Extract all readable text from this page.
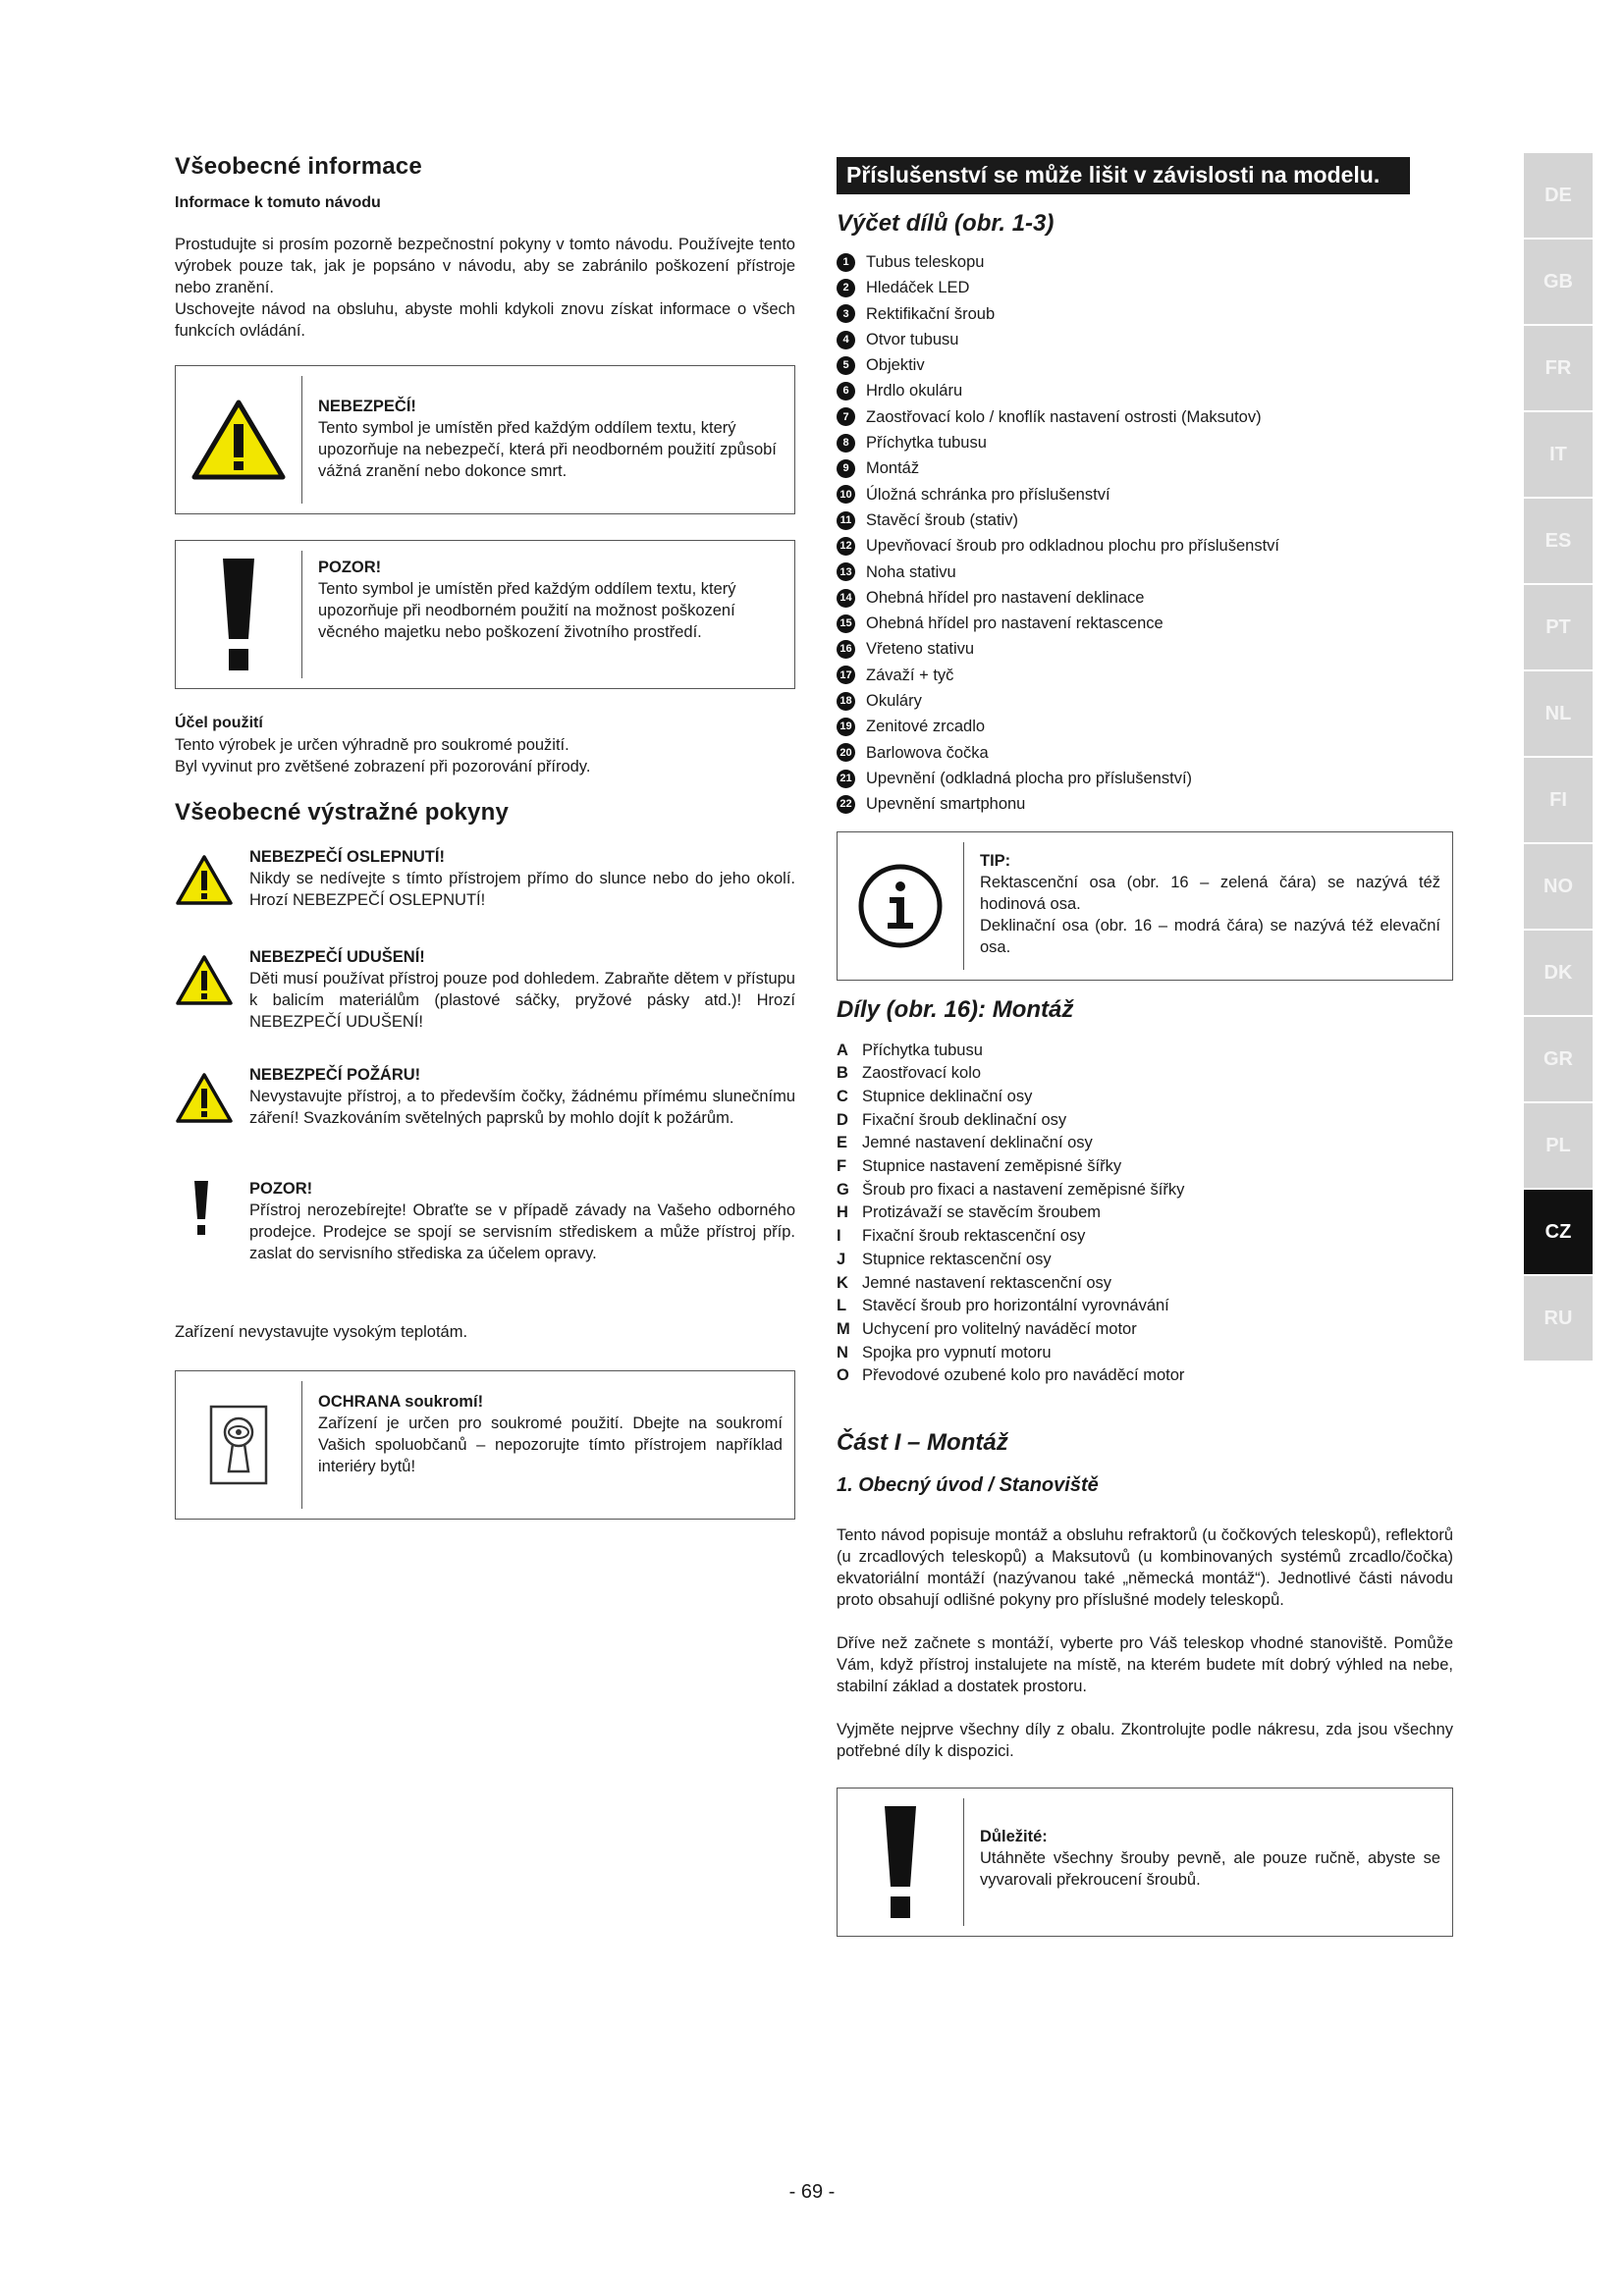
Všeobecné informace
Informace k tomuto návodu

Prostudujte si prosím pozorně bezpečnostní pokyny v tomto návodu. Používejte tento výrobek pouze tak, jak je popsáno v návodu, aby se zabránilo poškození přístroje nebo zranění.

Uschovejte návod na obsluhu, abyste mohli kdykoli znovu získat informace o všech funkcích ovládání.

NEBEZPEČÍ!
Tento symbol je umístěn před každým oddílem textu, který upozorňuje na nebezpečí, která při neodborném použití způsobí vážná zranění nebo dokonce smrt.
POZOR!
Tento symbol je umístěn před každým oddílem textu, který upozorňuje při neodborném použití na možnost poškození věcného majetku nebo poškození životního prostředí.
Účel použití

Tento výrobek je určen výhradně pro soukromé použití.

Byl vyvinut pro zvětšené zobrazení při pozorování přírody.

Všeobecné výstražné pokyny
NEBEZPEČÍ OSLEPNUTÍ!
Nikdy se nedívejte s tímto přístrojem přímo do slunce nebo do jeho okolí. Hrozí NEBEZPEČÍ OSLEPNUTÍ!
NEBEZPEČÍ UDUŠENÍ!
Děti musí používat přístroj pouze pod dohledem. Zabraňte dětem v přístupu k balicím materiálům (plastové sáčky, pryžové pásky atd.)! Hrozí NEBEZPEČÍ UDUŠENÍ!
NEBEZPEČÍ POŽÁRU!
Nevystavujte přístroj, a to především čočky, žádnému přímému slunečnímu záření! Svazkováním světelných paprsků by mohlo dojít k požárům.
POZOR!
Přístroj nerozebírejte! Obraťte se v případě závady na Vašeho odborného prodejce. Prodejce se spojí se servisním střediskem a může přístroj příp. zaslat do servisního střediska za účelem opravy.

Zařízení nevystavujte vysokým teplotám.

OCHRANA soukromí!
Zařízení je určen pro soukromé použití. Dbejte na soukromí Vašich spoluobčanů – nepozorujte tímto přístrojem například interiéry bytů!
Příslušenství se může lišit v závislosti na modelu.
Výčet dílů (obr. 1-3)
1	Tubus teleskopu
2	Hledáček LED
3	Rektifikační šroub
4	Otvor tubusu
5	Objektiv
6	Hrdlo okuláru
7	Zaostřovací kolo / knoflík nastavení ostrosti (Maksutov)
8	Příchytka tubusu
9	Montáž
10 Úložná schránka pro příslušenství
11 Stavěcí šroub (stativ)
12 Upevňovací šroub pro odkladnou plochu pro příslušenství
13 Noha stativu
14 Ohebná hřídel pro nastavení deklinace
15 Ohebná hřídel pro nastavení rektascence
16 Vřeteno stativu
17 Závaží + tyč
18 Okuláry
19 Zenitové zrcadlo
20 Barlowova čočka
21 Upevnění (odkladná plocha pro příslušenství)
22 Upevnění smartphonu
TIP:
Rektascenční osa (obr. 16 – zelená čára) se nazývá též hodinová osa.
Deklinační osa (obr. 16 – modrá čára) se nazývá též elevační osa.
Díly (obr. 16): Montáž
A Příchytka tubusu
B Zaostřovací kolo
C Stupnice deklinační osy
D Fixační šroub deklinační osy
E Jemné nastavení deklinační osy
F Stupnice nastavení zeměpisné šířky
G Šroub pro fixaci a nastavení zeměpisné šířky
H Protizávaží se stavěcím šroubem
I	Fixační šroub rektascenční osy
J	Stupnice rektascenční osy
K Jemné nastavení rektascenční osy
L Stavěcí šroub pro horizontální vyrovnávání
M Uchycení pro volitelný naváděcí motor
N Spojka pro vypnutí motoru
O Převodové ozubené kolo pro naváděcí motor
Část I – Montáž
1. Obecný úvod / Stanoviště

Tento návod popisuje montáž a obsluhu refraktorů (u čočkových teleskopů), reflektorů (u zrcadlových teleskopů) a Maksutovů (u kombinovaných systémů zrcadlo/čočka) ekvatoriální montáží (nazývanou také „německá montáž“). Jednotlivé části návodu proto obsahují odlišné pokyny pro příslušné modely teleskopů.

Dříve než začnete s montáží, vyberte pro Váš teleskop vhodné stanoviště. Pomůže Vám, když přístroj instalujete na místě, na kterém budete mít dobrý výhled na nebe, stabilní základ a dostatek prostoru.

Vyjměte nejprve všechny díly z obalu. Zkontrolujte podle nákresu, zda jsou všechny potřebné díly k dispozici.

Důležité:
Utáhněte všechny šrouby pevně, ale pouze ručně, abyste se vyvarovali překroucení šroubů.
DE
GB
FR
IT
ES
PT
NL
FI
NO
DK
GR
PL
CZ
RU
- 69 -
